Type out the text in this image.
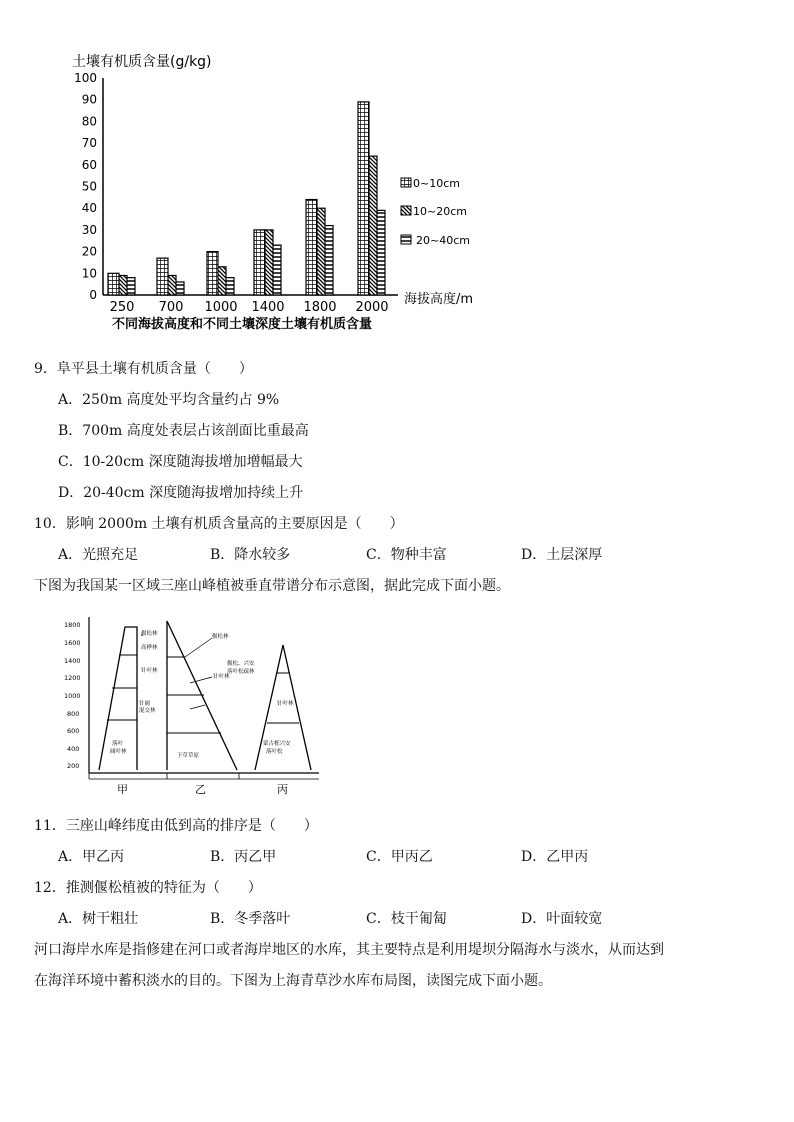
土壤有机质含量(g/kg)
100
90
80
70
60
50
40
30
20
10
0
250 700 1000 1400 1800 2000
海拔高度/m
不同海拔高度和不同土壤深度土壤有机质含量
0~10cm
10~20cm
20~40cm
9．阜平县土壤有机质含量（　　）
A．250m 高度处平均含量约占 9%
B．700m 高度处表层占该剖面比重最高
C．10-20cm 深度随海拔增加增幅最大
D．20-40cm 深度随海拔增加持续上升
10．影响 2000m 土壤有机质含量高的主要原因是（　　）
A．光照充足	B．降水较多	C．物种丰富	D．土层深厚
下图为我国某一区域三座山峰植被垂直带谱分布示意图，据此完成下面小题。
1800
1600
1400
1200
1000
800
600
400
200
偃松林
高桦林
针叶林
针阔混交林
落叶阔叶林
偃松林
针叶林
下草草原
偃松、兴安落叶松疏林
针叶林
蒙古栎兴安落叶松
甲	乙	丙
11．三座山峰纬度由低到高的排序是（　　）
A．甲乙丙	B．丙乙甲	C．甲丙乙	D．乙甲丙
12．推测偃松植被的特征为（　　）
A．树干粗壮	B．冬季落叶	C．枝干匍匐	D．叶面较宽
河口海岸水库是指修建在河口或者海岸地区的水库，其主要特点是利用堤坝分隔海水与淡水，从而达到
在海洋环境中蓄积淡水的目的。下图为上海青草沙水库布局图，读图完成下面小题。
